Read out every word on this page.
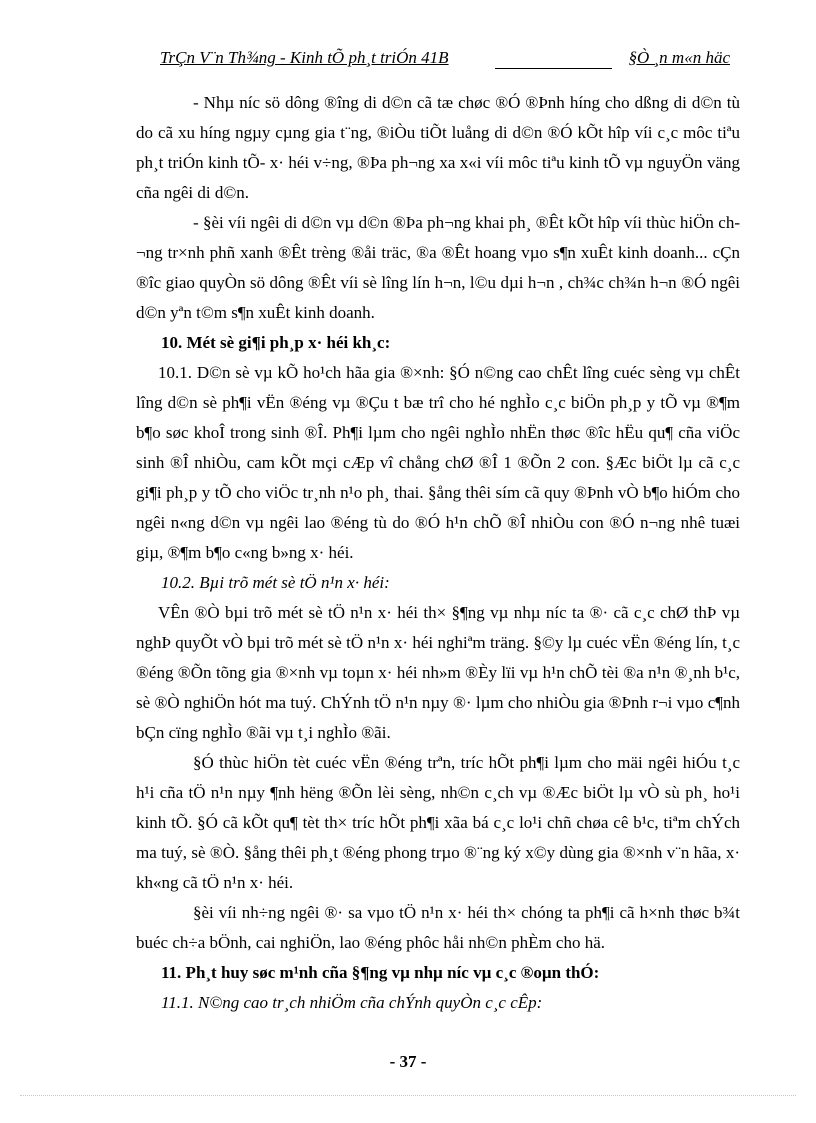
TrÇn V¨n Th¾ng - Kinh tÕ ph¸t triÓn 41B	§Ò ¸n m«n häc

- Nhµ níc sö dông ®îng di d©n cã tæ chøc ®Ó ®Þnh híng cho dßng di d©n tù do cã xu híng ngµy cµng gia t¨ng, ®iÒu tiÕt luång di d©n ®Ó kÕt hîp víi c¸c môc tiªu ph¸t triÓn kinh tÕ- x· héi v÷ng, ®Þa ph¬ng xa x«i víi môc tiªu kinh tÕ vµ nguyÖn väng cña ngêi di d©n.

- §èi víi ngêi di d©n vµ d©n ®Þa ph¬ng khai ph¸ ®Êt kÕt hîp víi thùc hiÖn ch¬ng tr×nh phñ xanh ®Êt trèng ®åi träc, ®a ®Êt hoang vµo s¶n xuÊt kinh doanh... cÇn ®îc giao quyÒn sö dông ®Êt víi sè lîng lín h¬n, l©u dµi h¬n , ch¾c ch¾n h¬n ®Ó ngêi d©n yªn t©m s¶n xuÊt kinh doanh.

10. Mét sè gi¶i ph¸p x· héi kh¸c:

10.1. D©n sè vµ kÕ ho¹ch hãa gia ®×nh: §Ó n©ng cao chÊt lîng cuéc sèng vµ chÊt lîng d©n sè ph¶i vËn ®éng vµ ®Çu t bæ trî cho hé nghÌo c¸c biÖn ph¸p y tÕ vµ ®¶m b¶o søc khoÎ trong sinh ®Î. Ph¶i lµm cho ngêi nghÌo nhËn thøc ®îc hËu qu¶ cña viÖc sinh ®Î nhiÒu, cam kÕt mçi cÆp vî chång chØ ®Î 1 ®Õn 2 con. §Æc biÖt lµ cã c¸c gi¶i ph¸p y tÕ cho viÖc tr¸nh n¹o ph¸ thai. §ång thêi sím cã quy ®Þnh vÒ b¶o hiÓm cho ngêi n«ng d©n vµ ngêi lao ®éng tù do ®Ó h¹n chÕ ®Î nhiÒu con ®Ó n¬ng nhê tuæi giµ, ®¶m b¶o c«ng b»ng x· héi.

10.2. Bµi trõ mét sè tÖ n¹n x· héi:

VÊn ®Ò bµi trõ mét sè tÖ n¹n x· héi th× §¶ng vµ nhµ níc ta ®· cã c¸c chØ thÞ vµ nghÞ quyÕt vÒ bµi trõ mét sè tÖ n¹n x· héi nghiªm träng. §©y lµ cuéc vËn ®éng lín, t¸c ®éng ®Õn tõng gia ®×nh vµ toµn x· héi nh»m ®Èy lïi vµ h¹n chÕ tèi ®a n¹n ®¸nh b¹c, sè ®Ò nghiÖn hót ma tuý. ChÝnh tÖ n¹n nµy ®· lµm cho nhiÒu gia ®Þnh r¬i vµo c¶nh bÇn cïng nghÌo ®ãi vµ t¸i nghÌo ®ãi.

§Ó thùc hiÖn tèt cuéc vËn ®éng trªn, tríc hÕt ph¶i lµm cho mäi ngêi hiÓu t¸c h¹i cña tÖ n¹n nµy ¶nh hëng ®Õn lèi sèng, nh©n c¸ch vµ ®Æc biÖt lµ vÒ sù ph¸ ho¹i kinh tÕ. §Ó cã kÕt qu¶ tèt th× tríc hÕt ph¶i xãa bá c¸c lo¹i chñ chøa cê b¹c, tiªm chÝch ma tuý, sè ®Ò. §ång thêi ph¸t ®éng phong trµo ®¨ng ký x©y dùng gia ®×nh v¨n hãa, x· kh«ng cã tÖ n¹n x· héi.

§èi víi nh÷ng ngêi ®· sa vµo tÖ n¹n x· héi th× chóng ta ph¶i cã h×nh thøc b¾t buéc ch÷a bÖnh, cai nghiÖn, lao ®éng phôc håi nh©n phÈm cho hä.

11. Ph¸t huy søc m¹nh cña §¶ng vµ nhµ níc vµ c¸c ®oµn thÓ:

11.1. N©ng cao tr¸ch nhiÖm cña chÝnh quyÒn c¸c cÊp:

- 37 -
